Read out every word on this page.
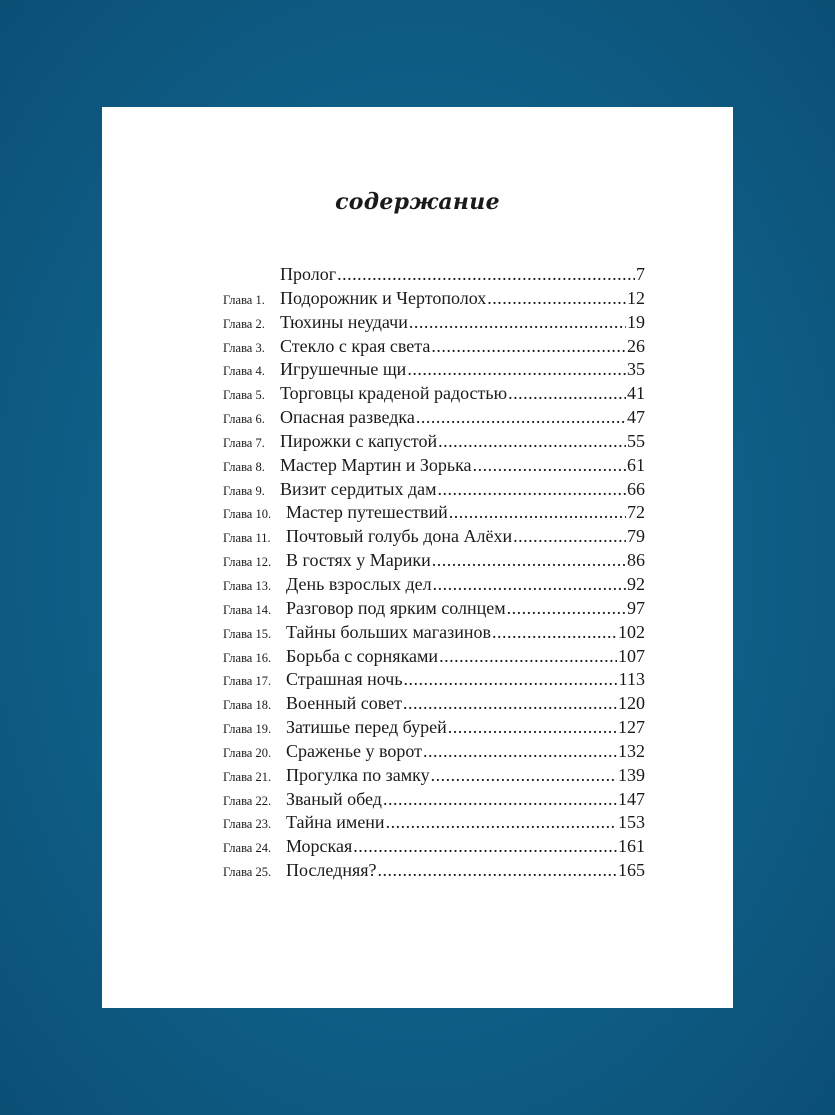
содержание
Пролог .....	7
Глава 1. Подорожник и Чертополох .....	12
Глава 2. Тюхины неудачи .....	19
Глава 3. Стекло с края света .....	26
Глава 4. Игрушечные щи .....	35
Глава 5. Торговцы краденой радостью .....	41
Глава 6. Опасная разведка .....	47
Глава 7. Пирожки с капустой .....	55
Глава 8. Мастер Мартин и Зорька .....	61
Глава 9. Визит сердитых дам .....	66
Глава 10. Мастер путешествий .....	72
Глава 11. Почтовый голубь дона Алёхи .....	79
Глава 12. В гостях у Марики .....	86
Глава 13. День взрослых дел .....	92
Глава 14. Разговор под ярким солнцем .....	97
Глава 15. Тайны больших магазинов .....	102
Глава 16. Борьба с сорняками .....	107
Глава 17. Страшная ночь .....	113
Глава 18. Военный совет .....	120
Глава 19. Затишье перед бурей .....	127
Глава 20. Сраженье у ворот .....	132
Глава 21. Прогулка по замку .....	139
Глава 22. Званый обед .....	147
Глава 23. Тайна имени .....	153
Глава 24. Морская .....	161
Глава 25. Последняя? .....	165
